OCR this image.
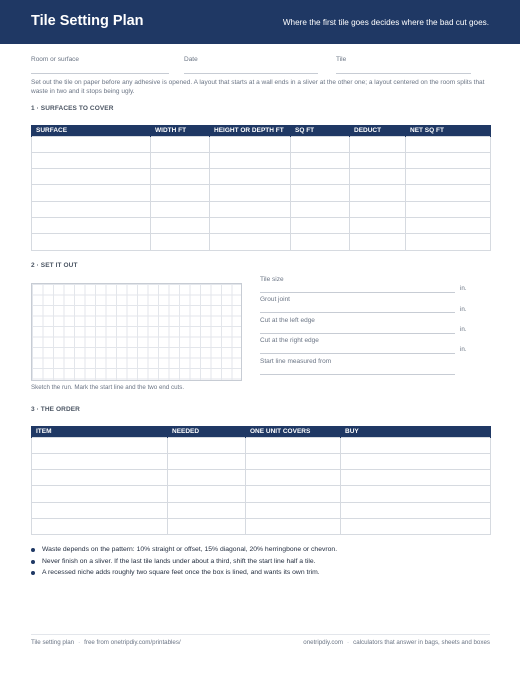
Tile Setting Plan	Where the first tile goes decides where the bad cut goes.
Room or surface	Date	Tile
Set out the tile on paper before any adhesive is opened. A layout that starts at a wall ends in a sliver at the other one; a layout centered on the room splits that waste in two and it stops being ugly.
1 · SURFACES TO COVER
SURFACE	WIDTH FT	HEIGHT OR DEPTH FT	SQ FT	DEDUCT	NET SQ FT

2 · SET IT OUT
Sketch the run. Mark the start line and the two end cuts.
Tile size
in.
Grout joint
in.
Cut at the left edge
in.
Cut at the right edge
in.
Start line measured from
3 · THE ORDER
ITEM	NEEDED	ONE UNIT COVERS	BUY

Waste depends on the pattern: 10% straight or offset, 15% diagonal, 20% herringbone or chevron.
Never finish on a sliver. If the last tile lands under about a third, shift the start line half a tile.
A recessed niche adds roughly two square feet once the box is lined, and wants its own trim.
Tile setting plan · free from onetripdiy.com/printables/	onetripdiy.com · calculators that answer in bags, sheets and boxes
